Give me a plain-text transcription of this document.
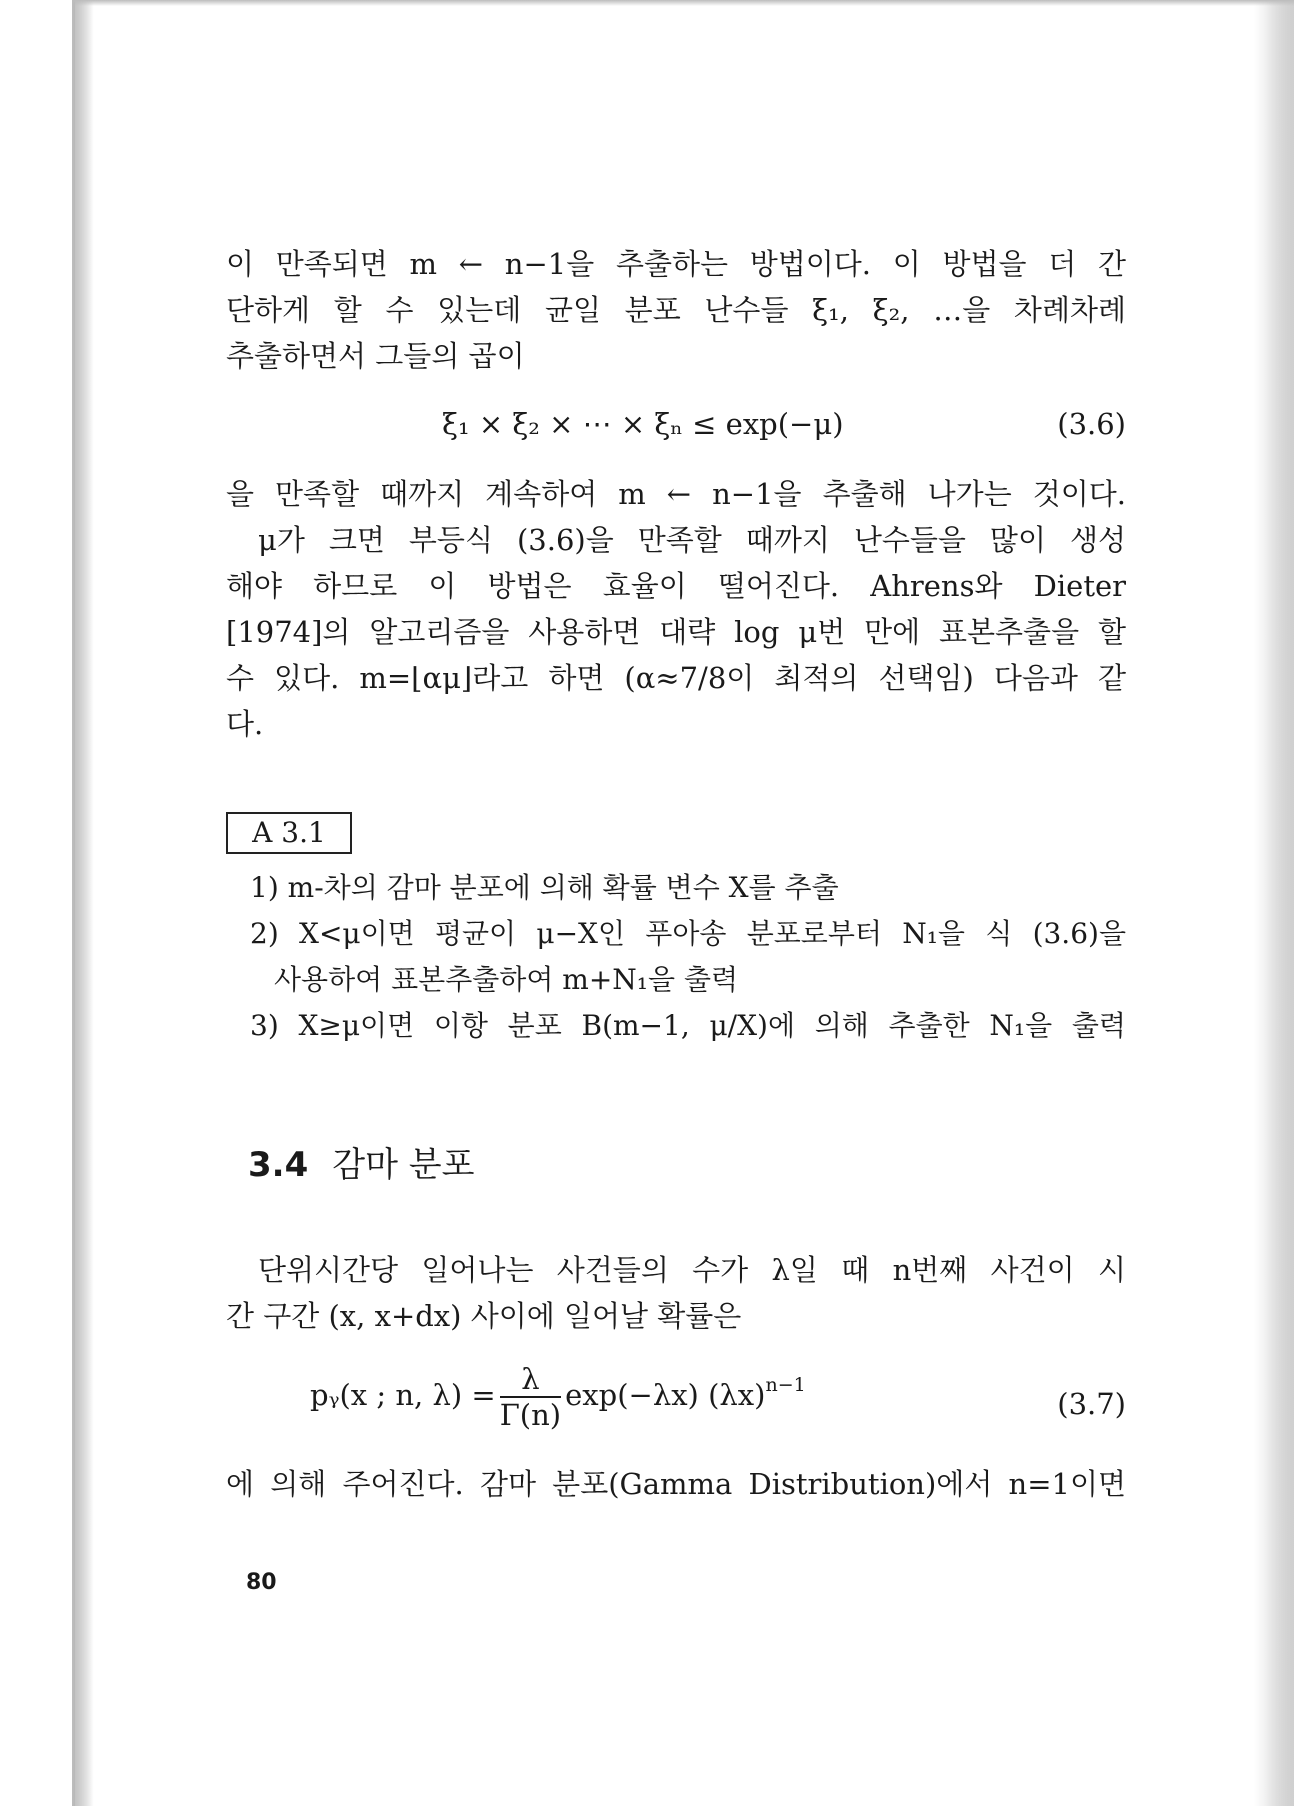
이 만족되면 m ← n−1을 추출하는 방법이다. 이 방법을 더 간
단하게 할 수 있는데 균일 분포 난수들 ξ₁, ξ₂, …을 차례차례
추출하면서 그들의 곱이
ξ₁ × ξ₂ × ⋯ × ξₙ ≤ exp(−μ)	(3.6)
을 만족할 때까지 계속하여 m ← n−1을 추출해 나가는 것이다.
μ가 크면 부등식 (3.6)을 만족할 때까지 난수들을 많이 생성
해야 하므로 이 방법은 효율이 떨어진다. Ahrens와 Dieter
[1974]의 알고리즘을 사용하면 대략 log μ번 만에 표본추출을 할
수 있다. m=⌊αμ⌋라고 하면 (α≈7/8이 최적의 선택임) 다음과 같
다.
A 3.1
1) m-차의 감마 분포에 의해 확률 변수 X를 추출
2) X<μ이면 평균이 μ−X인 푸아송 분포로부터 N₁을 식 (3.6)을
사용하여 표본추출하여 m+N₁을 출력
3) X≥μ이면 이항 분포 B(m−1, μ/X)에 의해 추출한 N₁을 출력
3.4 감마 분포
단위시간당 일어나는 사건들의 수가 λ일 때 n번째 사건이 시
간 구간 (x, x+dx) 사이에 일어날 확률은
pᵧ(x ; n, $\lambda) = \frac{\lambda}{\Gamma(n)} \exp(-\lambda x)$ $(\lambda x)^{n-1}$
(3.7)
에 의해 주어진다. 감마 분포(Gamma Distribution)에서 n=1이면
80
